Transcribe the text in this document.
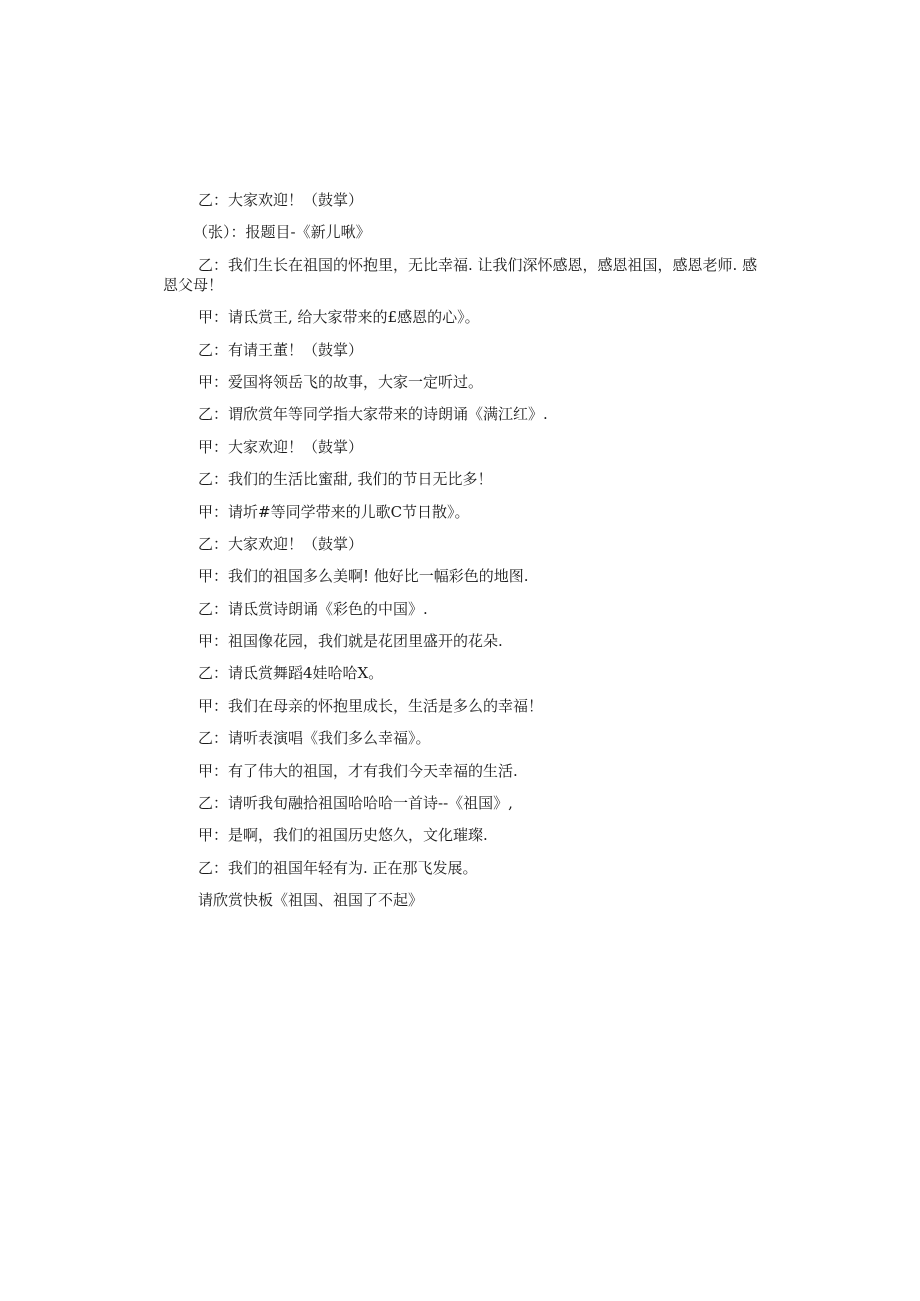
乙：大家欢迎！（鼓掌）

（张）：报题目-《新儿啾》

乙：我们生长在祖国的怀抱里，无比幸福. 让我们深怀感恩，感恩祖国，感恩老师. 感恩父母！

甲：请氐赏王, 给大家带来的£感恩的心》。

乙：有请王董！（鼓掌）

甲：爱国将领岳飞的故事，大家一定听过。

乙：谓欣赏年等同学指大家带来的诗朗诵《满江红》.

甲：大家欢迎！（鼓掌）

乙：我们的生活比蜜甜, 我们的节日无比多！

甲：请圻#等同学带来的儿歌C节日散》。

乙：大家欢迎！（鼓掌）

甲：我们的祖国多么美啊! 他好比一幅彩色的地图.

乙：请氐赏诗朗诵《彩色的中国》.

甲：祖国像花园，我们就是花团里盛开的花朵.

乙：请氐赏舞蹈4娃哈哈X。

甲：我们在母亲的怀抱里成长，生活是多么的幸福！

乙：请听表演唱《我们多么幸福》。

甲：有了伟大的祖国，才有我们今天幸福的生活.

乙：请听我旬融拾祖国哈哈哈一首诗--《祖国》,

甲：是啊，我们的祖国历史悠久，文化璀璨.

乙：我们的祖国年轻有为. 正在那飞发展。

请欣赏快板《祖国、祖国了不起》
